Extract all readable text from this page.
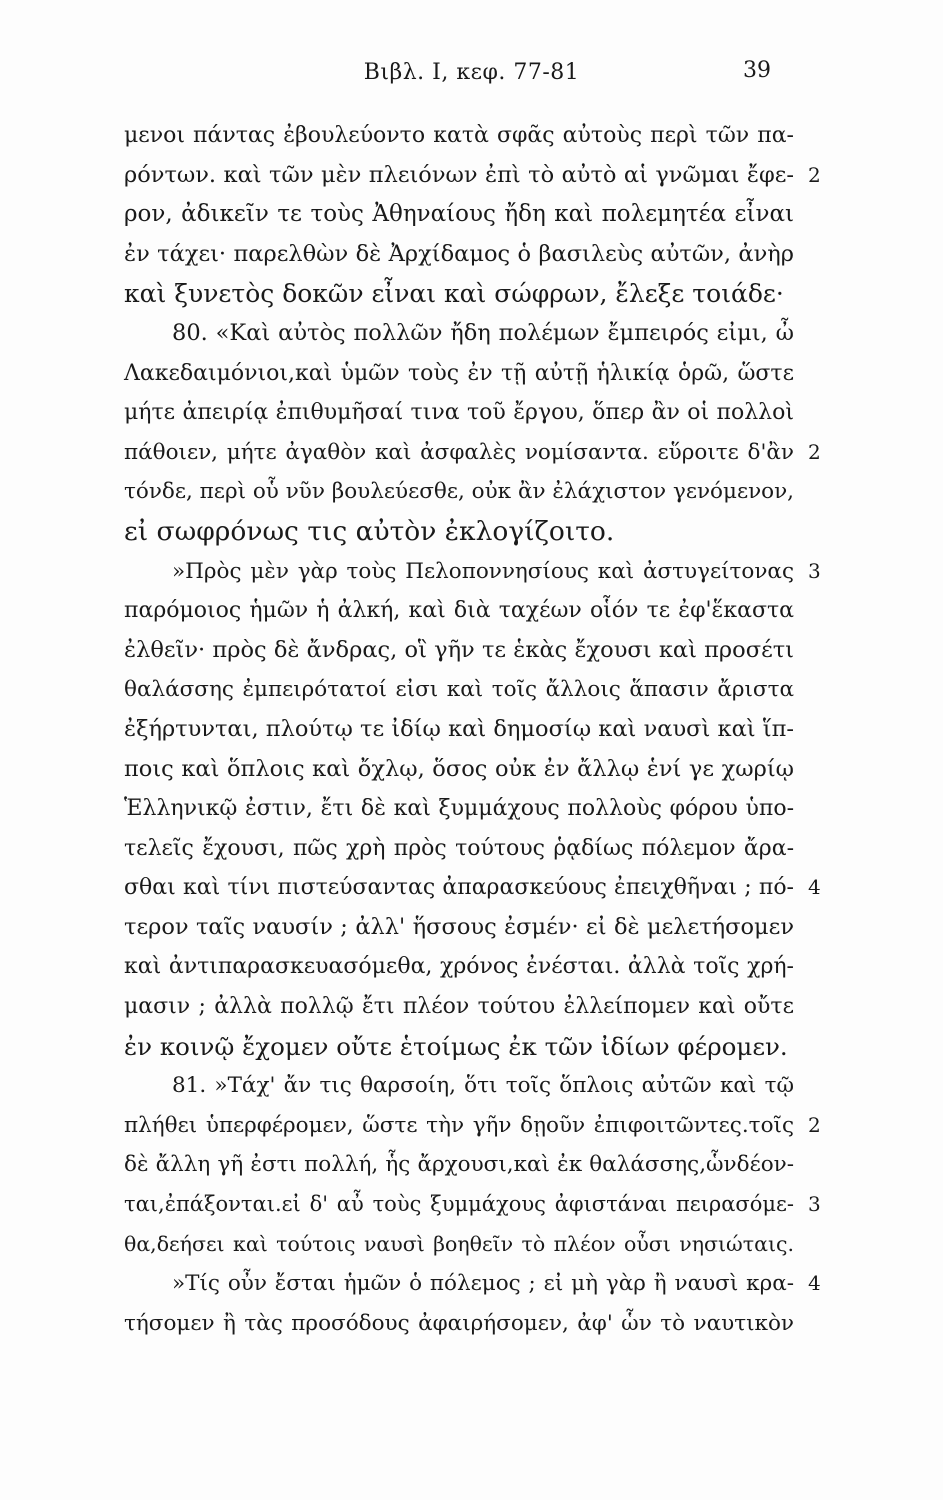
Βιβλ. Ι, κεφ. 77-81	39
μενοι πάντας ἐβουλεύοντο κατὰ σφᾶς αὐτοὺς περὶ τῶν πα-
ρόντων. καὶ τῶν μὲν πλειόνων ἐπὶ τὸ αὐτὸ αἱ γνῶμαι ἔφε- 2
ρον, ἀδικεῖν τε τοὺς Ἀθηναίους ἤδη καὶ πολεμητέα εἶναι
ἐν τάχει· παρελθὼν δὲ Ἀρχίδαμος ὁ βασιλεὺς αὐτῶν, ἀνὴρ
καὶ ξυνετὸς δοκῶν εἶναι καὶ σώφρων, ἔλεξε τοιάδε·
80. «Καὶ αὐτὸς πολλῶν ἤδη πολέμων ἔμπειρός εἰμι, ὦ
Λακεδαιμόνιοι,καὶ ὑμῶν τοὺς ἐν τῇ αὐτῇ ἡλικίᾳ ὁρῶ, ὥστε
μήτε ἀπειρίᾳ ἐπιθυμῆσαί τινα τοῦ ἔργου, ὅπερ ἂν οἱ πολλοὶ
πάθοιεν, μήτε ἀγαθὸν καὶ ἀσφαλὲς νομίσαντα. εὕροιτε δ'ἂν 2
τόνδε, περὶ οὗ νῦν βουλεύεσθε, οὐκ ἂν ἐλάχιστον γενόμενον,
εἰ σωφρόνως τις αὐτὸν ἐκλογίζοιτο.
»Πρὸς μὲν γὰρ τοὺς Πελοποννησίους καὶ ἀστυγείτονας 3
παρόμοιος ἡμῶν ἡ ἀλκή, καὶ διὰ ταχέων οἷόν τε ἐφ'ἕκαστα
ἐλθεῖν· πρὸς δὲ ἄνδρας, οἳ γῆν τε ἑκὰς ἔχουσι καὶ προσέτι
θαλάσσης ἐμπειρότατοί εἰσι καὶ τοῖς ἄλλοις ἅπασιν ἄριστα
ἐξήρτυνται, πλούτῳ τε ἰδίῳ καὶ δημοσίῳ καὶ ναυσὶ καὶ ἵπ-
ποις καὶ ὅπλοις καὶ ὄχλῳ, ὅσος οὐκ ἐν ἄλλῳ ἑνί γε χωρίῳ
Ἑλληνικῷ ἐστιν, ἔτι δὲ καὶ ξυμμάχους πολλοὺς φόρου ὑπο-
τελεῖς ἔχουσι, πῶς χρὴ πρὸς τούτους ῥᾳδίως πόλεμον ἄρα-
σθαι καὶ τίνι πιστεύσαντας ἀπαρασκεύους ἐπειχθῆναι ; πό- 4
τερον ταῖς ναυσίν ; ἀλλ' ἥσσους ἐσμέν· εἰ δὲ μελετήσομεν
καὶ ἀντιπαρασκευασόμεθα, χρόνος ἐνέσται. ἀλλὰ τοῖς χρή-
μασιν ; ἀλλὰ πολλῷ ἔτι πλέον τούτου ἐλλείπομεν καὶ οὔτε
ἐν κοινῷ ἔχομεν οὔτε ἑτοίμως ἐκ τῶν ἰδίων φέρομεν.
81. »Τάχ' ἄν τις θαρσοίη, ὅτι τοῖς ὅπλοις αὐτῶν καὶ τῷ
πλήθει ὑπερφέρομεν, ὥστε τὴν γῆν δῃοῦν ἐπιφοιτῶντες.τοῖς 2
δὲ ἄλλη γῆ ἐστι πολλή, ἧς ἄρχουσι,καὶ ἐκ θαλάσσης,ὧνδέον-
ται,ἐπάξονται.εἰ δ' αὖ τοὺς ξυμμάχους ἀφιστάναι πειρασόμε- 3
θα,δεήσει καὶ τούτοις ναυσὶ βοηθεῖν τὸ πλέον οὖσι νησιώταις.
»Τίς οὖν ἔσται ἡμῶν ὁ πόλεμος ; εἰ μὴ γὰρ ἢ ναυσὶ κρα- 4
τήσομεν ἢ τὰς προσόδους ἀφαιρήσομεν, ἀφ' ὧν τὸ ναυτικὸν
